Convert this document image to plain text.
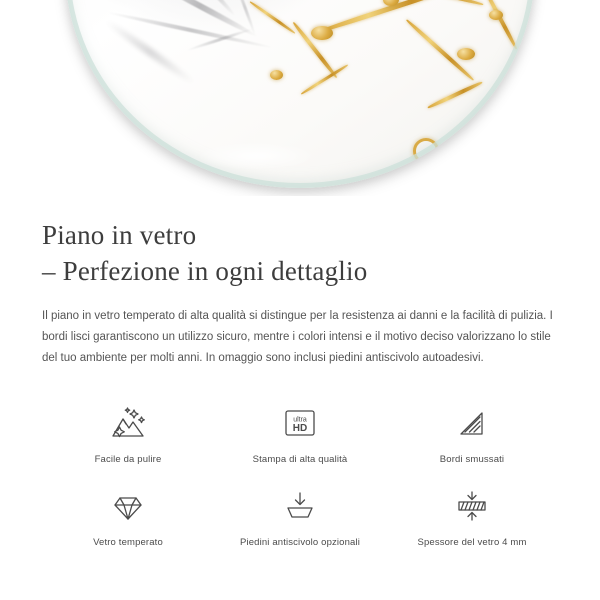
Piano in vetro
– Perfezione in ogni dettaglio

Il piano in vetro temperato di alta qualità si distingue per la resistenza ai danni e la facilità di pulizia. I bordi lisci garantiscono un utilizzo sicuro, mentre i colori intensi e il motivo deciso valorizzano lo stile del tuo ambiente per molti anni. In omaggio sono inclusi piedini antiscivolo autoadesivi.

Facile da pulire
ultra
HD
Stampa di alta qualità	Bordi smussati
Vetro temperato	Piedini antiscivolo opzionali	Spessore del vetro 4 mm
